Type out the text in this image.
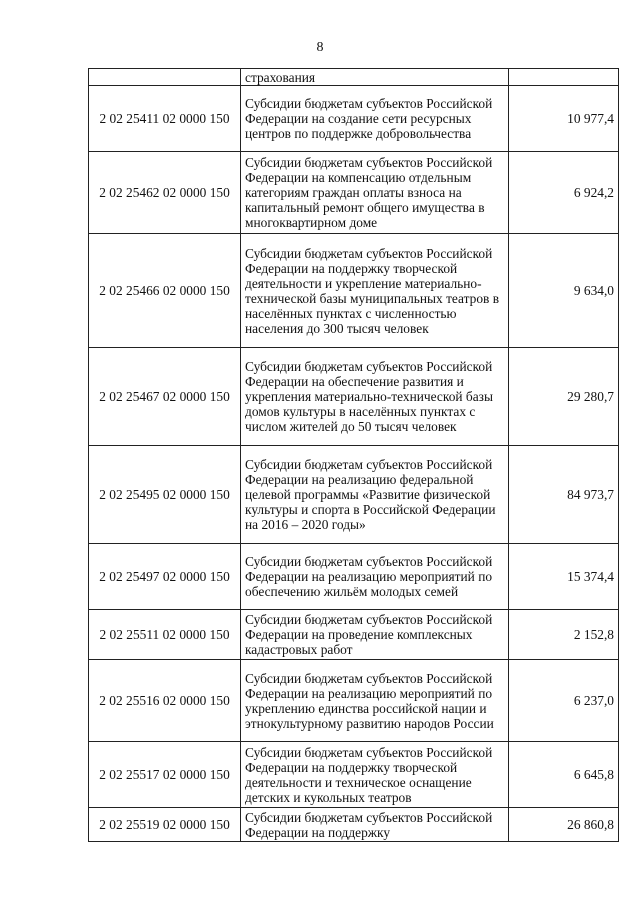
8
	страхования	
2 02 25411 02 0000 150	Субсидии бюджетам субъектов Российской Федерации на создание сети ресурсных центров по поддержке добровольчества	10 977,4
2 02 25462 02 0000 150	Субсидии бюджетам субъектов Российской Федерации на компенсацию отдельным категориям граждан оплаты взноса на капитальный ремонт общего имущества в многоквартирном доме	6 924,2
2 02 25466 02 0000 150	Субсидии бюджетам субъектов Российской Федерации на поддержку творческой деятельности и укрепление материально-технической базы муниципальных театров в населённых пунктах с численностью населения до 300 тысяч человек	9 634,0
2 02 25467 02 0000 150	Субсидии бюджетам субъектов Российской Федерации на обеспечение развития и укрепления материально-технической базы домов культуры в населённых пунктах с числом жителей до 50 тысяч человек	29 280,7
2 02 25495 02 0000 150	Субсидии бюджетам субъектов Российской Федерации на реализацию федеральной целевой программы «Развитие физической культуры и спорта в Российской Федерации на 2016 – 2020 годы»	84 973,7
2 02 25497 02 0000 150	Субсидии бюджетам субъектов Российской Федерации на реализацию мероприятий по обеспечению жильём молодых семей	15 374,4
2 02 25511 02 0000 150	Субсидии бюджетам субъектов Российской Федерации на проведение комплексных кадастровых работ	2 152,8
2 02 25516 02 0000 150	Субсидии бюджетам субъектов Российской Федерации на реализацию мероприятий по укреплению единства российской нации и этнокультурному развитию народов России	6 237,0
2 02 25517 02 0000 150	Субсидии бюджетам субъектов Российской Федерации на поддержку творческой деятельности и техническое оснащение детских и кукольных театров	6 645,8
2 02 25519 02 0000 150	Субсидии бюджетам субъектов Российской Федерации на поддержку	26 860,8
